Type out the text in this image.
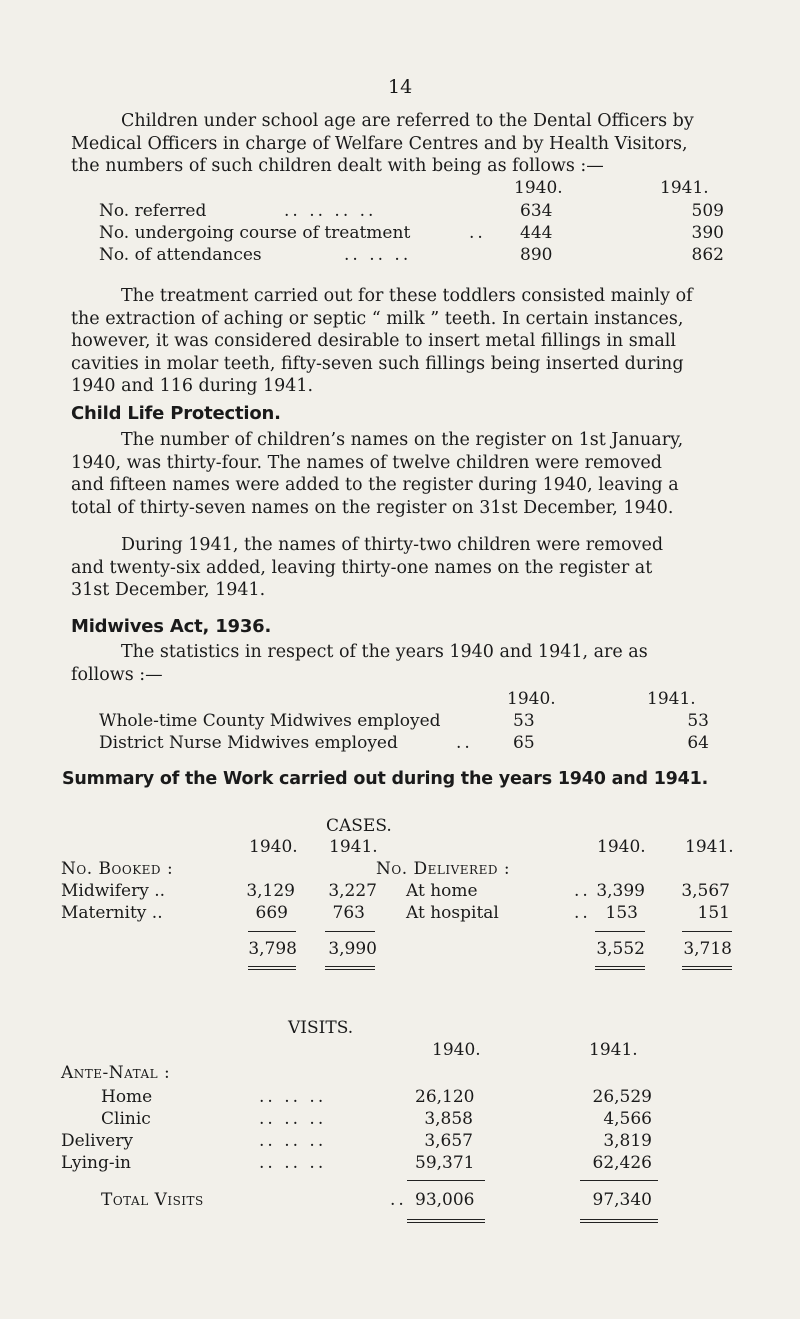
14

Children under school age are referred to the Dental Officers by
Medical Officers in charge of Welfare Centres and by Health Visitors,
the numbers of such children dealt with being as follows :—

1940.	1941.
No. referred	.. .. .. ..	634	509
No. undergoing course of treatment	.. 444	390
No. of attendances	.. .. ..	890	862

The treatment carried out for these toddlers consisted mainly of
the extraction of aching or septic “ milk ” teeth. In certain instances,
however, it was considered desirable to insert metal fillings in small
cavities in molar teeth, fifty-seven such fillings being inserted during
1940 and 116 during 1941.

Child Life Protection.

The number of children’s names on the register on 1st January,
1940, was thirty-four. The names of twelve children were removed
and fifteen names were added to the register during 1940, leaving a
total of thirty-seven names on the register on 31st December, 1940.

During 1941, the names of thirty-two children were removed
and twenty-six added, leaving thirty-one names on the register at
31st December, 1941.

Midwives Act, 1936.

The statistics in respect of the years 1940 and 1941, are as
follows :—

1940.	1941.
Whole-time County Midwives employed	53	53
District Nurse Midwives employed	.. 65	64
Summary of the Work carried out during the years 1940 and 1941.
CASES.
1940. 1941.	1940. 1941.
No. Booked :	No. Delivered :
Midwifery ..	3,129	3,227 At home	.. 3,399	3,567
Maternity ..	669	763 At hospital	.. 153	151
3,798	3,990	3,552	3,718
VISITS.
1940.	1941.
Ante-Natal :
Home	.. .. ..	26,120	26,529
Clinic	.. .. ..	3,858	4,566
Delivery	.. .. ..	3,657	3,819
Lying-in	.. .. ..	59,371	62,426
Total Visits	.. 93,006	97,340
